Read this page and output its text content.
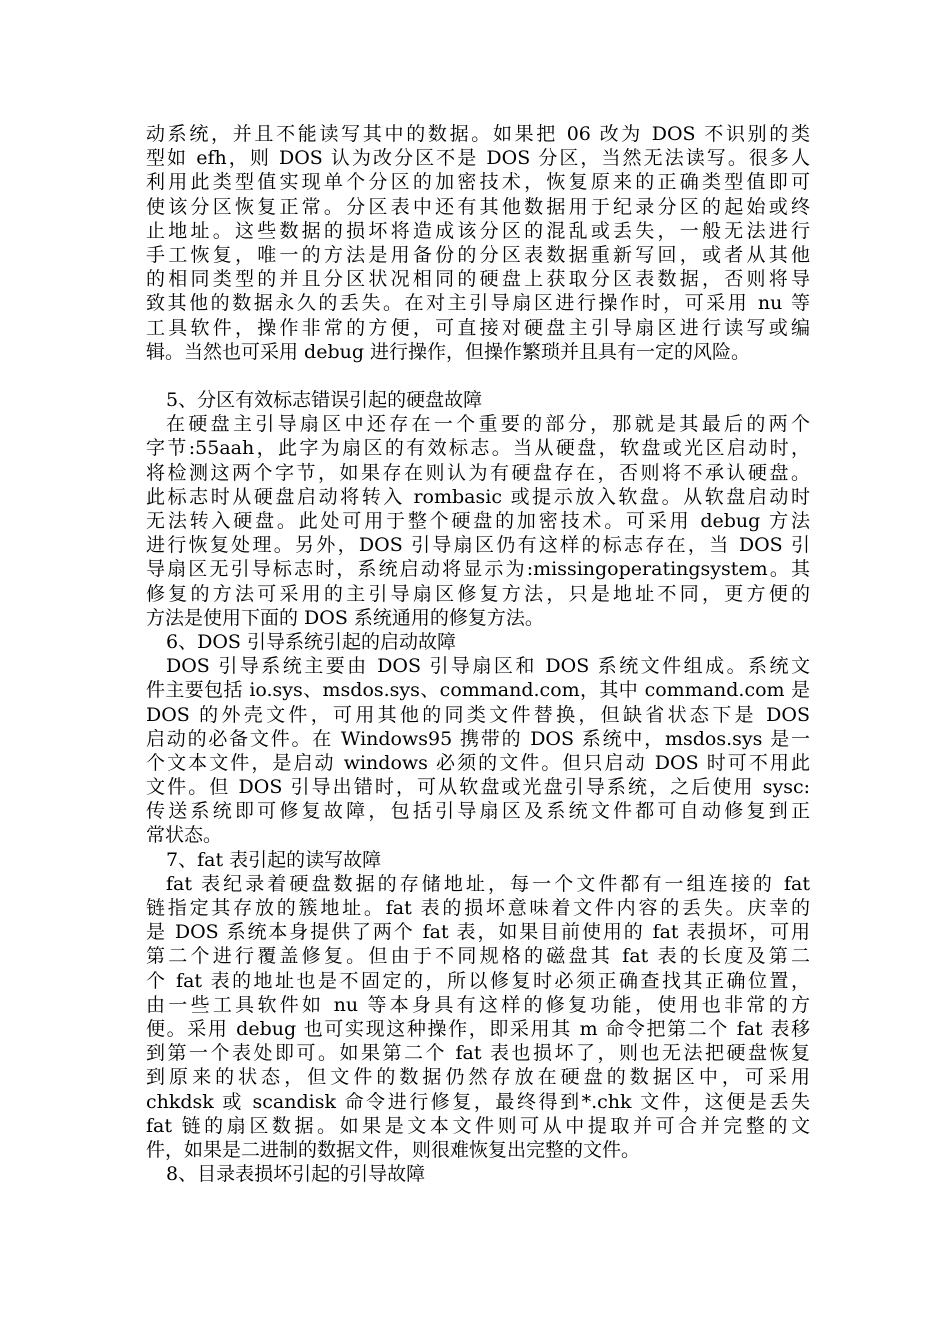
动系统，并且不能读写其中的数据。如果把 06 改为 DOS 不识别的类
型如 efh，则 DOS 认为改分区不是 DOS 分区，当然无法读写。很多人
利用此类型值实现单个分区的加密技术，恢复原来的正确类型值即可
使该分区恢复正常。分区表中还有其他数据用于纪录分区的起始或终
止地址。这些数据的损坏将造成该分区的混乱或丢失，一般无法进行
手工恢复，唯一的方法是用备份的分区表数据重新写回，或者从其他
的相同类型的并且分区状况相同的硬盘上获取分区表数据，否则将导
致其他的数据永久的丢失。在对主引导扇区进行操作时，可采用 nu 等
工具软件，操作非常的方便，可直接对硬盘主引导扇区进行读写或编
辑。当然也可采用 debug 进行操作，但操作繁琐并且具有一定的风险。
5、分区有效标志错误引起的硬盘故障
在硬盘主引导扇区中还存在一个重要的部分，那就是其最后的两个
字节:55aah，此字为扇区的有效标志。当从硬盘，软盘或光区启动时，
将检测这两个字节，如果存在则认为有硬盘存在，否则将不承认硬盘。
此标志时从硬盘启动将转入 rombasic 或提示放入软盘。从软盘启动时
无法转入硬盘。此处可用于整个硬盘的加密技术。可采用 debug 方法
进行恢复处理。另外，DOS 引导扇区仍有这样的标志存在，当 DOS 引
导扇区无引导标志时，系统启动将显示为:missingoperatingsystem。其
修复的方法可采用的主引导扇区修复方法，只是地址不同，更方便的
方法是使用下面的 DOS 系统通用的修复方法。
6、DOS 引导系统引起的启动故障
DOS 引导系统主要由 DOS 引导扇区和 DOS 系统文件组成。系统文
件主要包括 io.sys、msdos.sys、command.com，其中 command.com 是
DOS 的外壳文件，可用其他的同类文件替换，但缺省状态下是 DOS
启动的必备文件。在 Windows95 携带的 DOS 系统中，msdos.sys 是一
个文本文件，是启动 windows 必须的文件。但只启动 DOS 时可不用此
文件。但 DOS 引导出错时，可从软盘或光盘引导系统，之后使用 sysc:
传送系统即可修复故障，包括引导扇区及系统文件都可自动修复到正
常状态。
7、fat 表引起的读写故障
fat 表纪录着硬盘数据的存储地址，每一个文件都有一组连接的 fat
链指定其存放的簇地址。fat 表的损坏意味着文件内容的丢失。庆幸的
是 DOS 系统本身提供了两个 fat 表，如果目前使用的 fat 表损坏，可用
第二个进行覆盖修复。但由于不同规格的磁盘其 fat 表的长度及第二
个 fat 表的地址也是不固定的，所以修复时必须正确查找其正确位置，
由一些工具软件如 nu 等本身具有这样的修复功能，使用也非常的方
便。采用 debug 也可实现这种操作，即采用其 m 命令把第二个 fat 表移
到第一个表处即可。如果第二个 fat 表也损坏了，则也无法把硬盘恢复
到原来的状态，但文件的数据仍然存放在硬盘的数据区中，可采用
chkdsk 或 scandisk 命令进行修复，最终得到*.chk 文件，这便是丢失
fat 链的扇区数据。如果是文本文件则可从中提取并可合并完整的文
件，如果是二进制的数据文件，则很难恢复出完整的文件。
8、目录表损坏引起的引导故障
